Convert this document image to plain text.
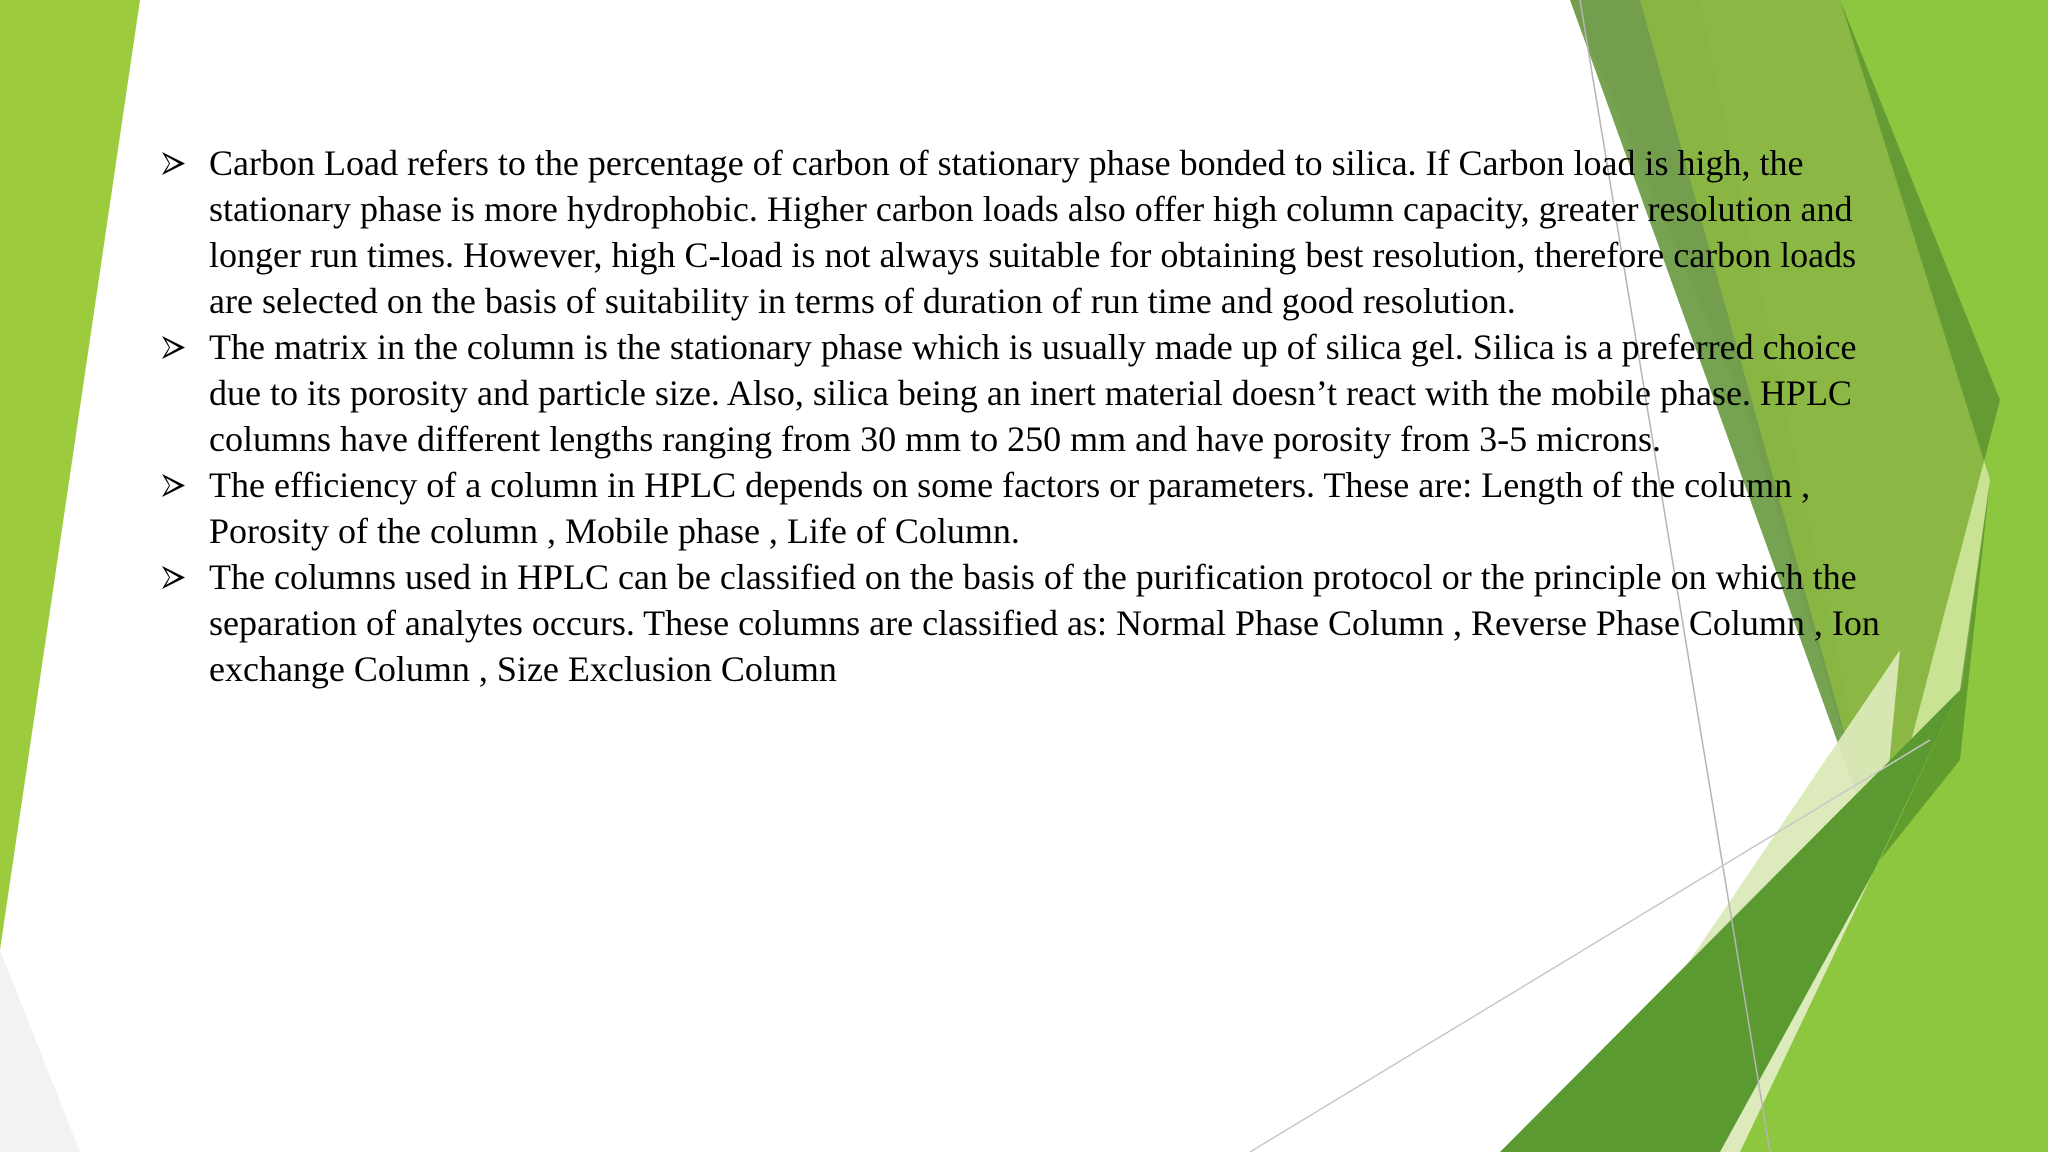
Carbon Load refers to the percentage of carbon of stationary phase bonded to silica. If Carbon load is high, the stationary phase is more hydrophobic. Higher carbon loads also offer high column capacity, greater resolution and longer run times. However, high C-load is not always suitable for obtaining best resolution, therefore carbon loads are selected on the basis of suitability in terms of duration of run time and good resolution.
The matrix in the column is the stationary phase which is usually made up of silica gel. Silica is a preferred choice due to its porosity and particle size. Also, silica being an inert material doesn’t react with the mobile phase. HPLC columns have different lengths ranging from 30 mm to 250 mm and have porosity from 3-5 microns.
The efficiency of a column in HPLC depends on some factors or parameters. These are: Length of the column , Porosity of the column , Mobile phase , Life of Column.
The columns used in HPLC can be classified on the basis of the purification protocol or the principle on which the separation of analytes occurs. These columns are classified as: Normal Phase Column , Reverse Phase Column , Ion exchange Column , Size Exclusion Column
